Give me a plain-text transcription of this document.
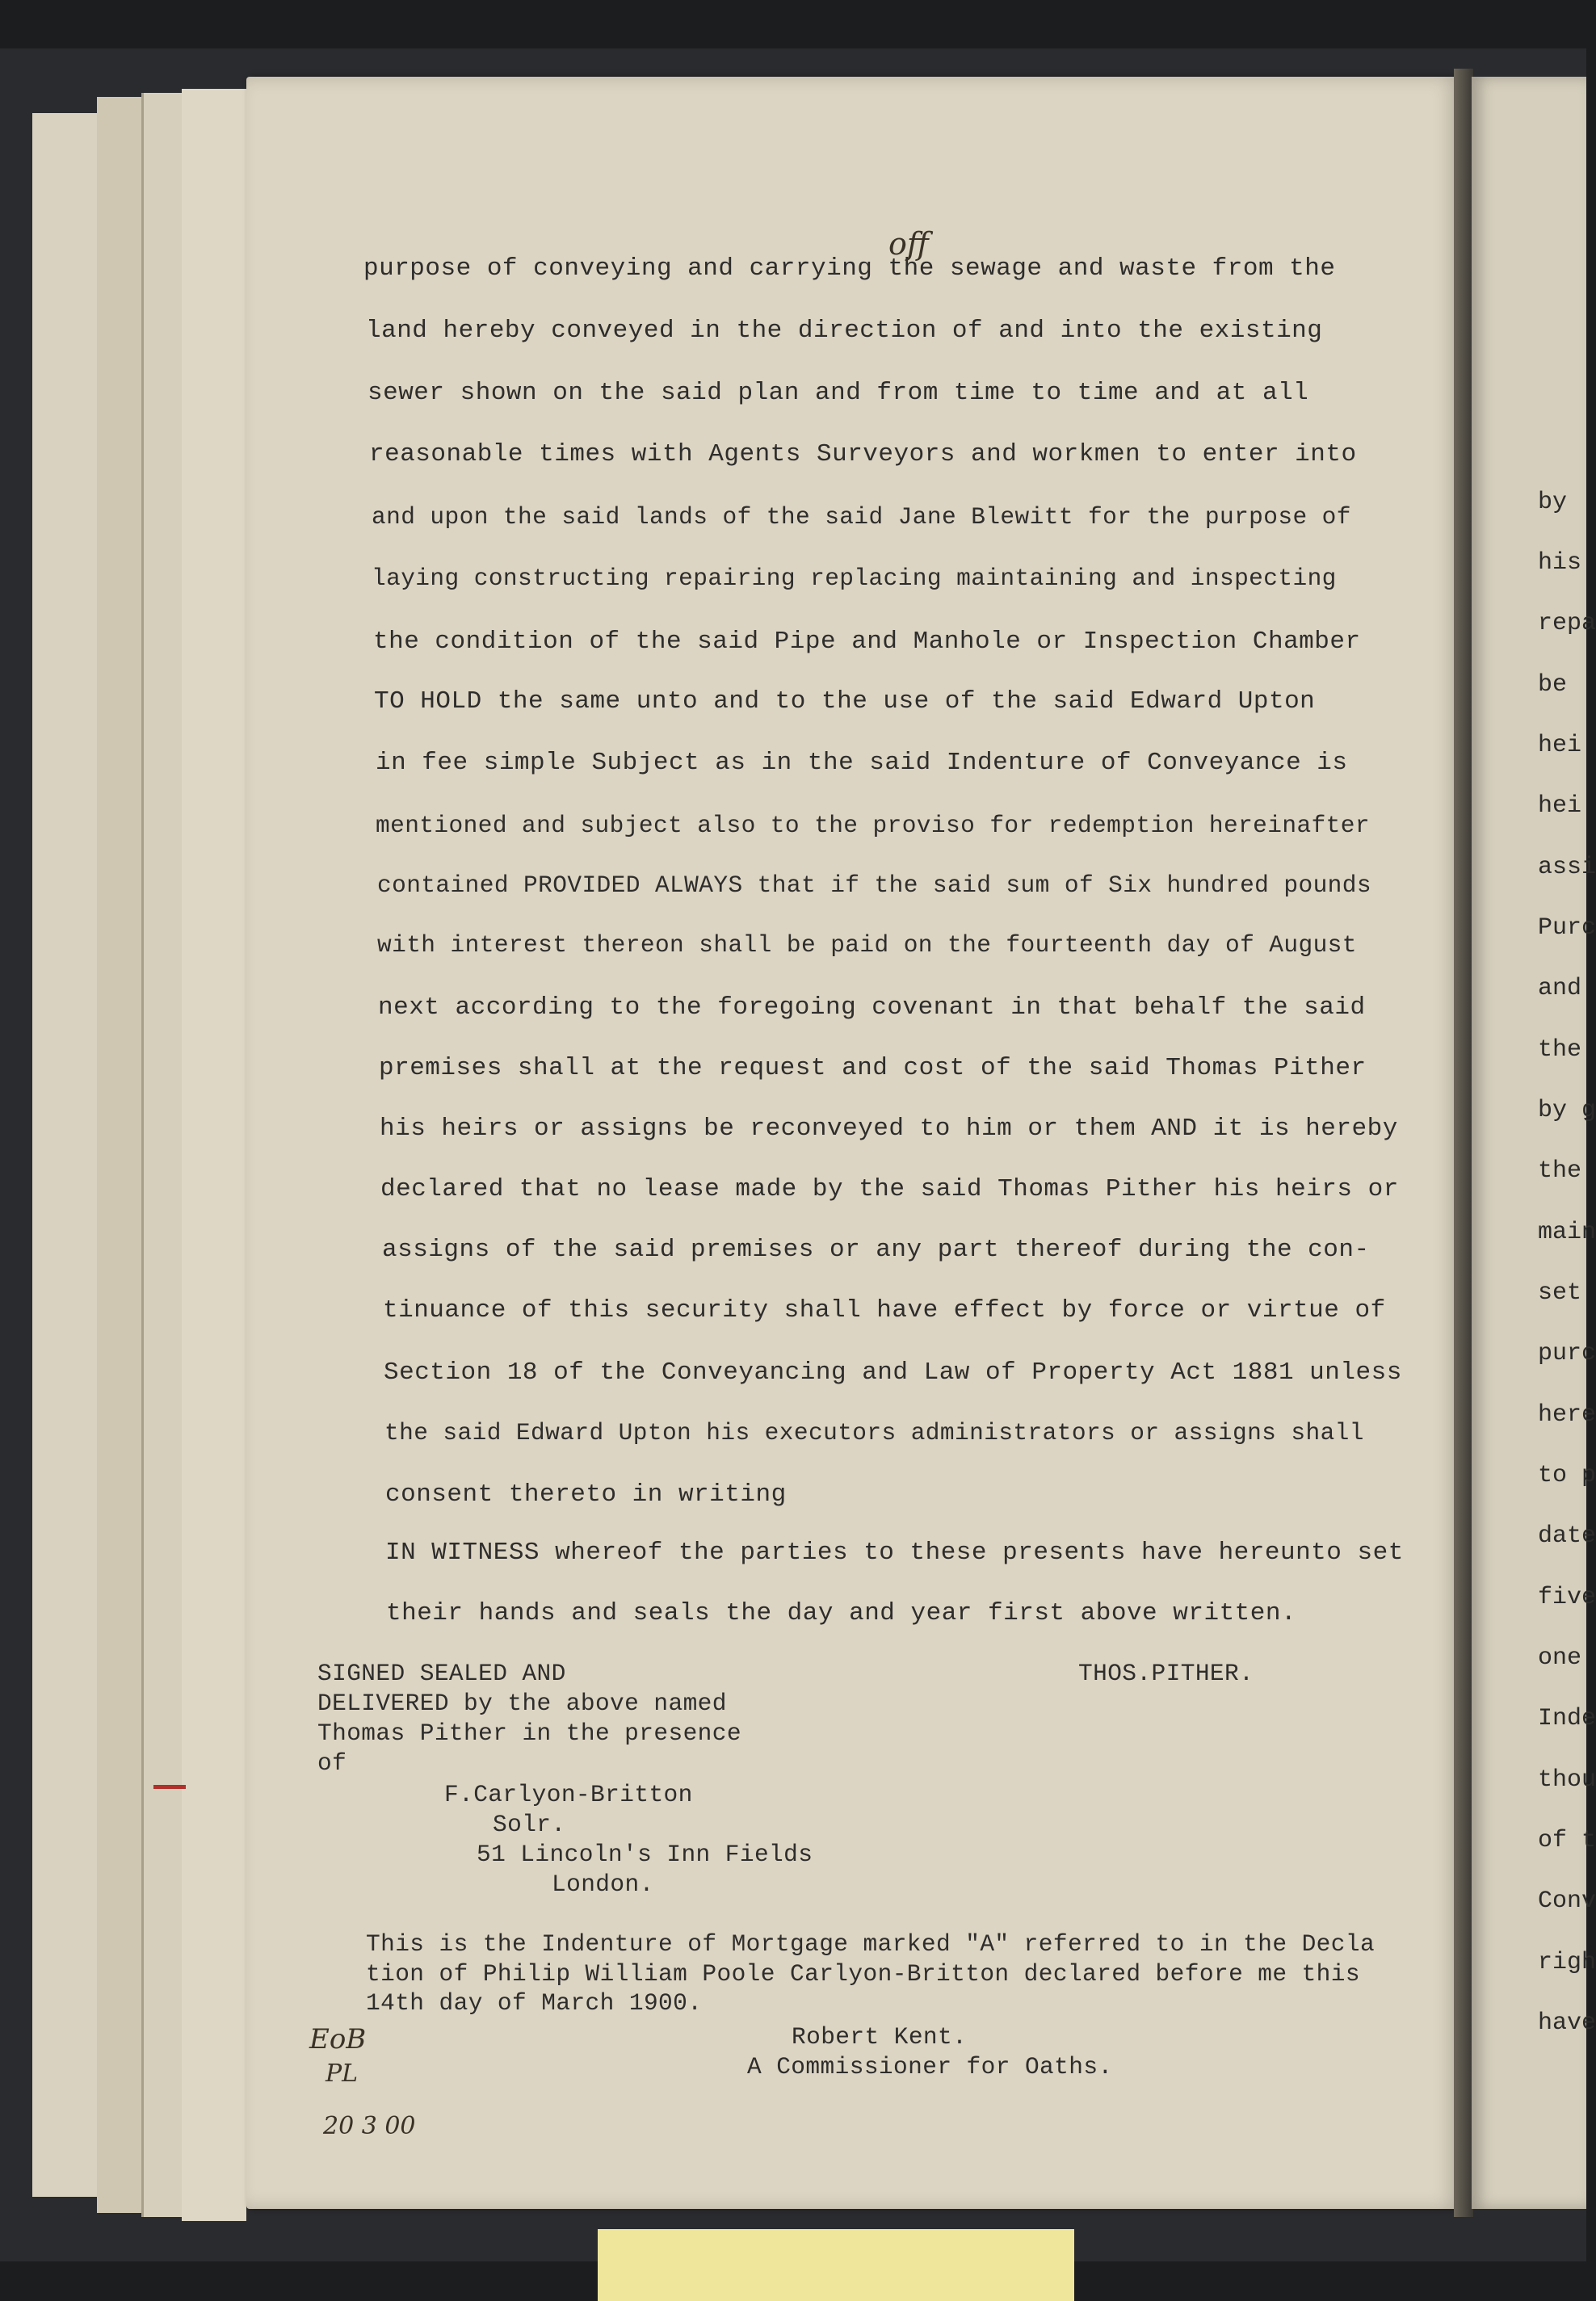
purpose of conveying and carrying the sewage and waste from the
off
land hereby conveyed in the direction of and into the existing
sewer shown on the said plan and from time to time and at all
reasonable times with Agents Surveyors and workmen to enter into
and upon the said lands of the said Jane Blewitt for the purpose of
laying constructing repairing replacing maintaining and inspecting
the condition of the said Pipe and Manhole or Inspection Chamber
TO HOLD the same unto and to the use of the said Edward Upton
in fee simple Subject as in the said Indenture of Conveyance is
mentioned and subject also to the proviso for redemption hereinafter
contained PROVIDED ALWAYS that if the said sum of Six hundred pounds
with interest thereon shall be paid on the fourteenth day of August
next according to the foregoing covenant in that behalf the said
premises shall at the request and cost of the said Thomas Pither
his heirs or assigns be reconveyed to him or them AND it is hereby
declared that no lease made by the said Thomas Pither his heirs or
assigns of the said premises or any part thereof during the con-
tinuance of this security shall have effect by force or virtue of
Section 18 of the Conveyancing and Law of Property Act 1881 unless
the said Edward Upton his executors administrators or assigns shall
consent thereto in writing
IN WITNESS whereof the parties to these presents have hereunto set
their hands and seals the day and year first above written.
SIGNED SEALED AND
DELIVERED by the above named
Thomas Pither in the presence
of
THOS.PITHER.
F.Carlyon-Britton
Solr.
51 Lincoln's Inn Fields
London.
This is the Indenture of Mortgage marked "A" referred to in the Decla
tion of Philip William Poole Carlyon-Britton declared before me this
14th day of March 1900.
Robert Kent.
A Commissioner for Oaths.
EoB
PL
20 3 00
by
his
repa
be
hei
hei
assi
Purc
and
the
by g
the
main
set
purc
here
to p
date
five
one
Inde
thou
of t
Conv
righ
have
